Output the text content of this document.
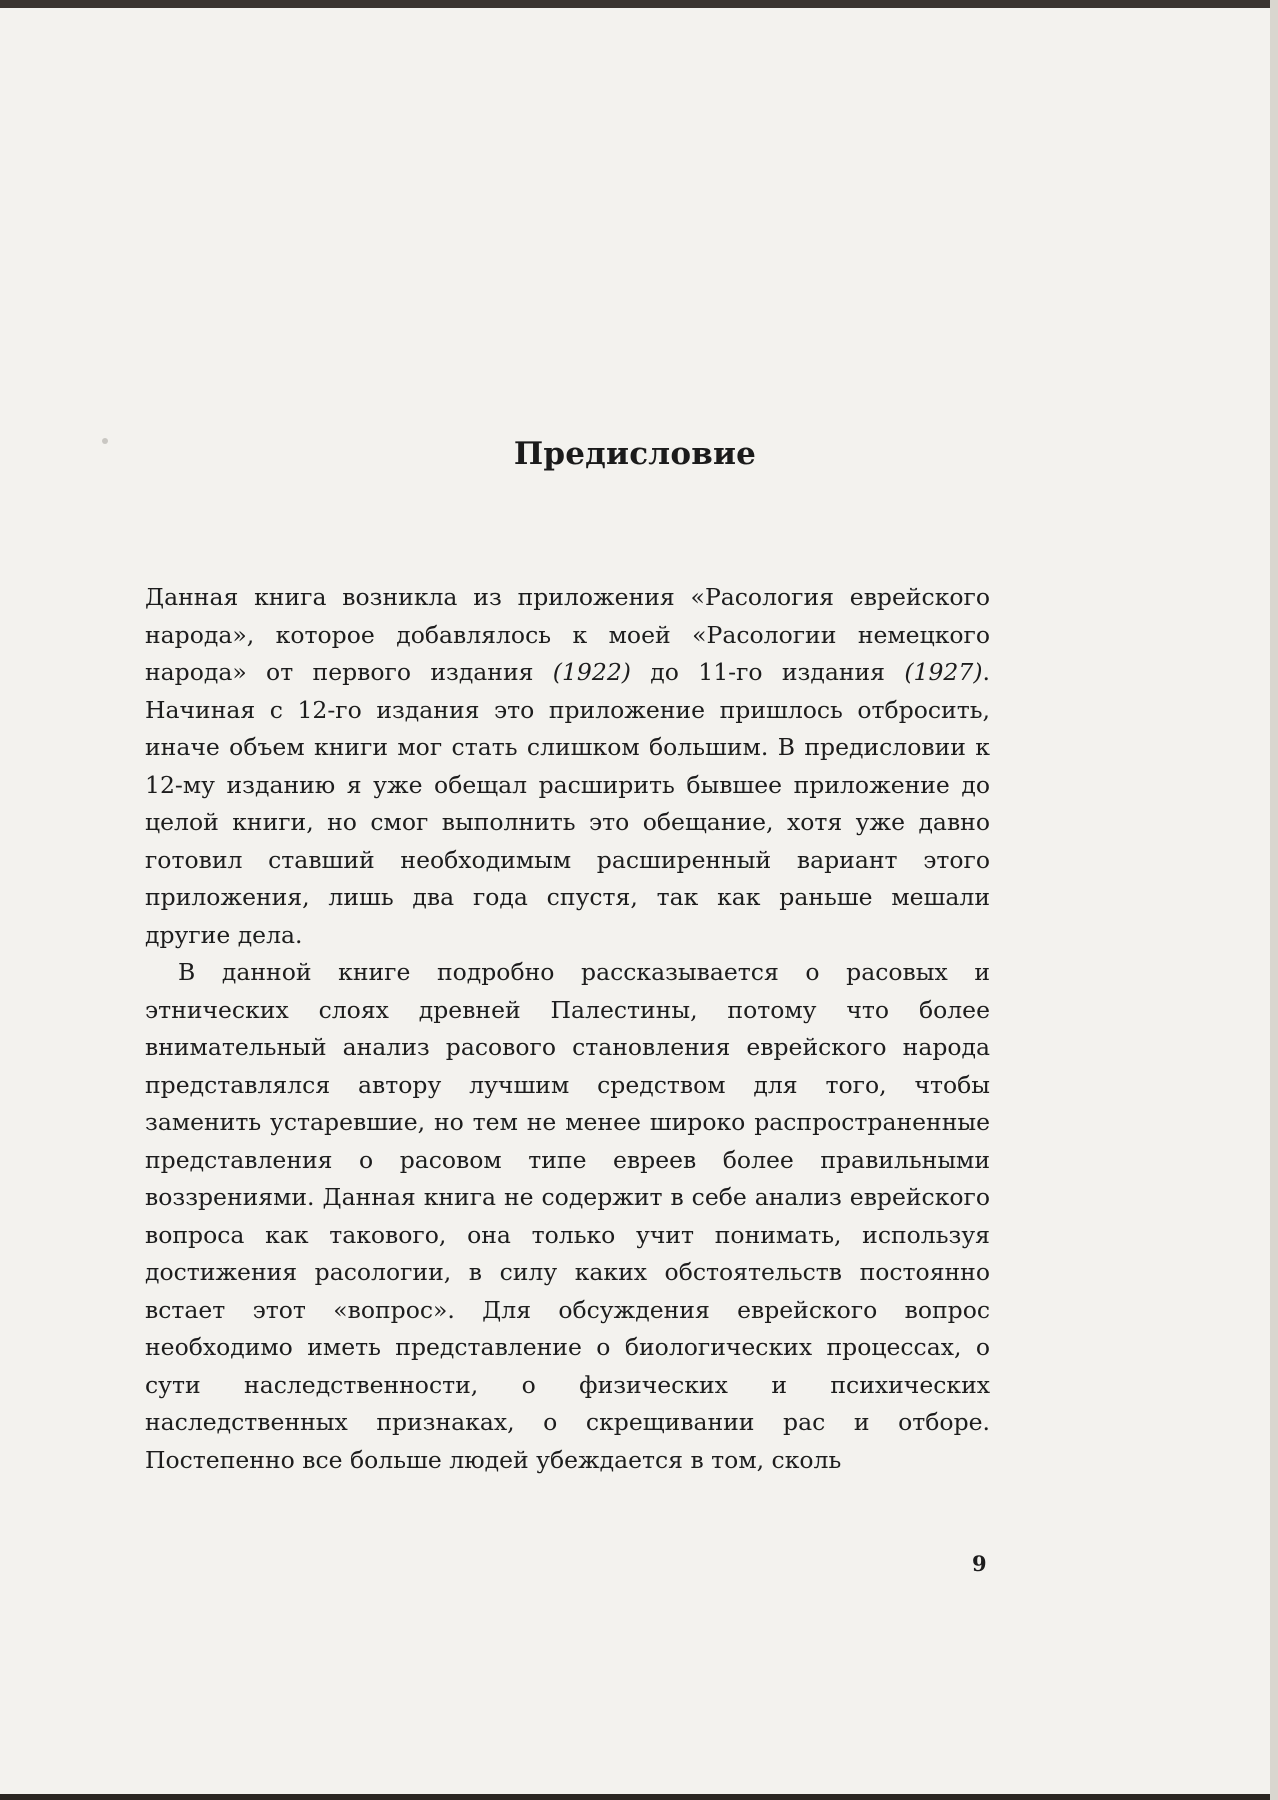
Предисловие

Данная книга возникла из приложения «Расология еврейского народа», которое добавлялось к моей «Расологии немецкого народа» от первого издания (1922) до 11-го издания (1927). Начиная с 12-го издания это приложение пришлось отбросить, иначе объем книги мог стать слишком большим. В предисловии к 12-му изданию я уже обещал расширить бывшее приложение до целой книги, но смог выполнить это обещание, хотя уже давно готовил ставший необходимым расширенный вариант этого приложения, лишь два года спустя, так как раньше мешали другие дела.

В данной книге подробно рассказывается о расовых и этнических слоях древней Палестины, потому что более внимательный анализ расового становления еврейского народа представлялся автору лучшим средством для того, чтобы заменить устаревшие, но тем не менее широко распространенные представления о расовом типе евреев более правильными воззрениями. Данная книга не содержит в себе анализ еврейского вопроса как такового, она только учит понимать, используя достижения расологии, в силу каких обстоятельств постоянно встает этот «вопрос». Для обсуждения еврейского вопрос необходимо иметь представление о биологических процессах, о сути наследственности, о физических и психических наследственных признаках, о скрещивании рас и отборе. Постепенно все больше людей убеждается в том, сколь

9
